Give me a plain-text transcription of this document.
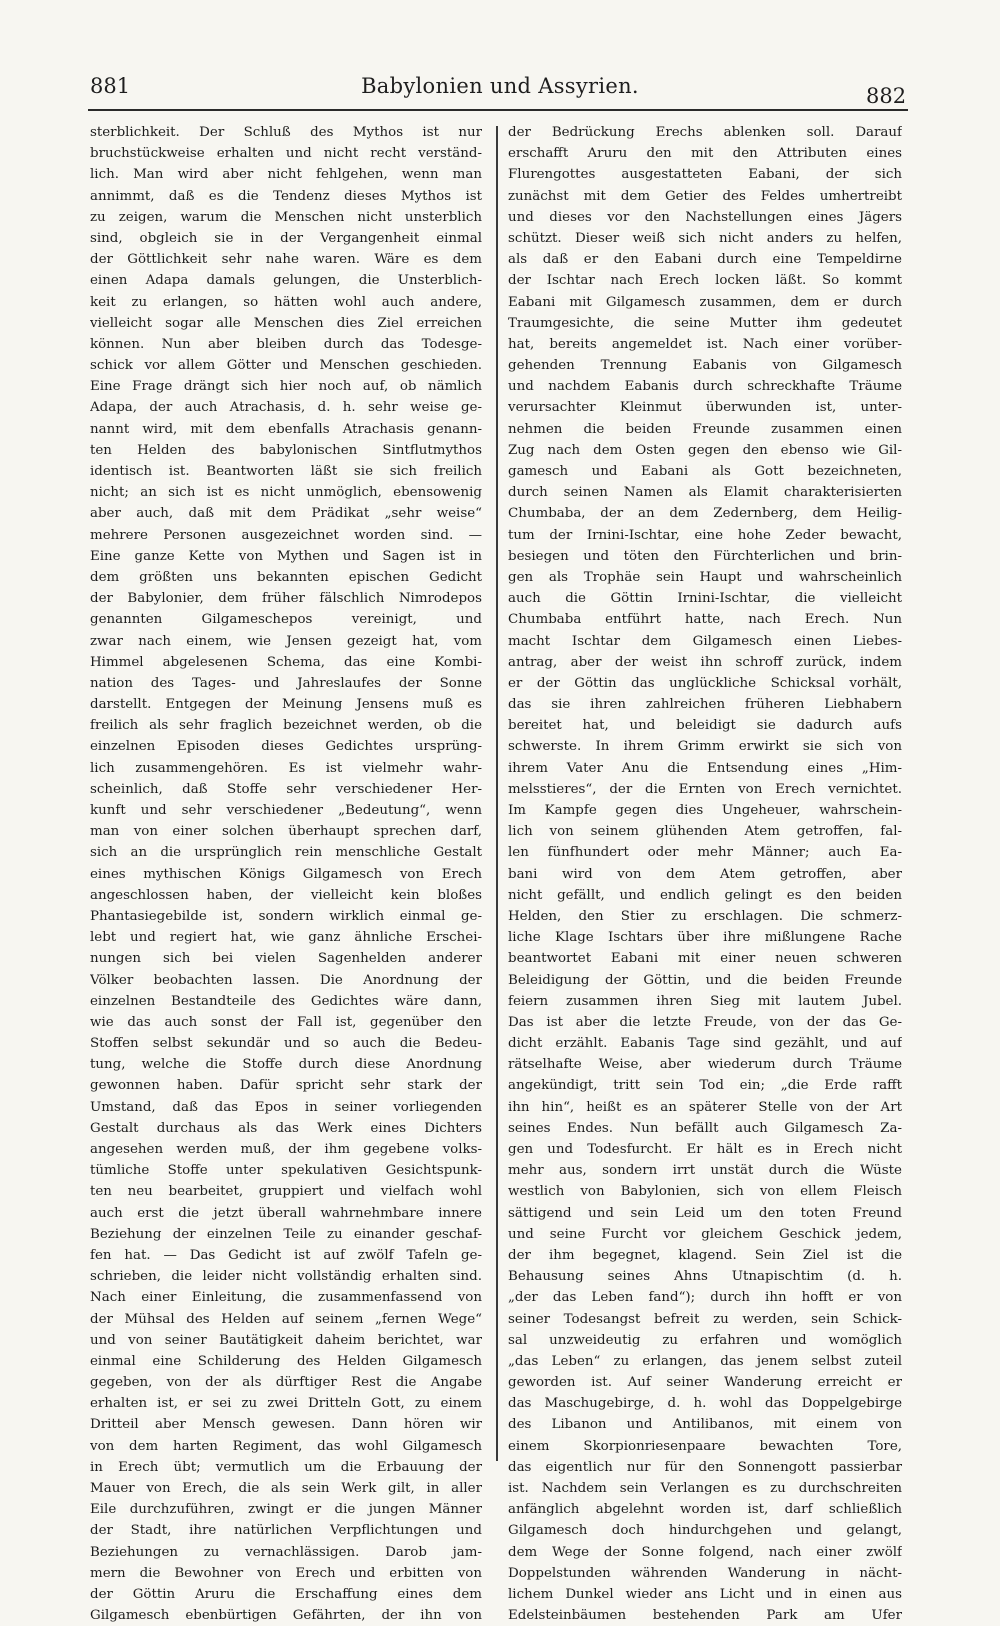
881	Babylonien und Assyrien.	882
sterblichkeit. Der Schluß des Mythos ist nur
bruchstückweise erhalten und nicht recht verständ-
lich. Man wird aber nicht fehlgehen, wenn man
annimmt, daß es die Tendenz dieses Mythos ist
zu zeigen, warum die Menschen nicht unsterblich
sind, obgleich sie in der Vergangenheit einmal
der Göttlichkeit sehr nahe waren. Wäre es dem
einen Adapa damals gelungen, die Unsterblich-
keit zu erlangen, so hätten wohl auch andere,
vielleicht sogar alle Menschen dies Ziel erreichen
können. Nun aber bleiben durch das Todesge-
schick vor allem Götter und Menschen geschieden.
Eine Frage drängt sich hier noch auf, ob nämlich
Adapa, der auch Atrachasis, d. h. sehr weise ge-
nannt wird, mit dem ebenfalls Atrachasis genann-
ten Helden des babylonischen Sintflutmythos
identisch ist. Beantworten läßt sie sich freilich
nicht; an sich ist es nicht unmöglich, ebensowenig
aber auch, daß mit dem Prädikat „sehr weise“
mehrere Personen ausgezeichnet worden sind. —
Eine ganze Kette von Mythen und Sagen ist in
dem größten uns bekannten epischen Gedicht
der Babylonier, dem früher fälschlich Nimrodepos
genannten Gilgameschepos vereinigt, und
zwar nach einem, wie Jensen gezeigt hat, vom
Himmel abgelesenen Schema, das eine Kombi-
nation des Tages- und Jahreslaufes der Sonne
darstellt. Entgegen der Meinung Jensens muß es
freilich als sehr fraglich bezeichnet werden, ob die
einzelnen Episoden dieses Gedichtes ursprüng-
lich zusammengehören. Es ist vielmehr wahr-
scheinlich, daß Stoffe sehr verschiedener Her-
kunft und sehr verschiedener „Bedeutung“, wenn
man von einer solchen überhaupt sprechen darf,
sich an die ursprünglich rein menschliche Gestalt
eines mythischen Königs Gilgamesch von Erech
angeschlossen haben, der vielleicht kein bloßes
Phantasiegebilde ist, sondern wirklich einmal ge-
lebt und regiert hat, wie ganz ähnliche Erschei-
nungen sich bei vielen Sagenhelden anderer
Völker beobachten lassen. Die Anordnung der
einzelnen Bestandteile des Gedichtes wäre dann,
wie das auch sonst der Fall ist, gegenüber den
Stoffen selbst sekundär und so auch die Bedeu-
tung, welche die Stoffe durch diese Anordnung
gewonnen haben. Dafür spricht sehr stark der
Umstand, daß das Epos in seiner vorliegenden
Gestalt durchaus als das Werk eines Dichters
angesehen werden muß, der ihm gegebene volks-
tümliche Stoffe unter spekulativen Gesichtspunk-
ten neu bearbeitet, gruppiert und vielfach wohl
auch erst die jetzt überall wahrnehmbare innere
Beziehung der einzelnen Teile zu einander geschaf-
fen hat. — Das Gedicht ist auf zwölf Tafeln ge-
schrieben, die leider nicht vollständig erhalten sind.
Nach einer Einleitung, die zusammenfassend von
der Mühsal des Helden auf seinem „fernen Wege“
und von seiner Bautätigkeit daheim berichtet, war
einmal eine Schilderung des Helden Gilgamesch
gegeben, von der als dürftiger Rest die Angabe
erhalten ist, er sei zu zwei Dritteln Gott, zu einem
Dritteil aber Mensch gewesen. Dann hören wir
von dem harten Regiment, das wohl Gilgamesch
in Erech übt; vermutlich um die Erbauung der
Mauer von Erech, die als sein Werk gilt, in aller
Eile durchzuführen, zwingt er die jungen Männer
der Stadt, ihre natürlichen Verpflichtungen und
Beziehungen zu vernachlässigen. Darob jam-
mern die Bewohner von Erech und erbitten von
der Göttin Aruru die Erschaffung eines dem
Gilgamesch ebenbürtigen Gefährten, der ihn von
der Bedrückung Erechs ablenken soll. Darauf
erschafft Aruru den mit den Attributen eines
Flurengottes ausgestatteten Eabani, der sich
zunächst mit dem Getier des Feldes umhertreibt
und dieses vor den Nachstellungen eines Jägers
schützt. Dieser weiß sich nicht anders zu helfen,
als daß er den Eabani durch eine Tempeldirne
der Ischtar nach Erech locken läßt. So kommt
Eabani mit Gilgamesch zusammen, dem er durch
Traumgesichte, die seine Mutter ihm gedeutet
hat, bereits angemeldet ist. Nach einer vorüber-
gehenden Trennung Eabanis von Gilgamesch
und nachdem Eabanis durch schreckhafte Träume
verursachter Kleinmut überwunden ist, unter-
nehmen die beiden Freunde zusammen einen
Zug nach dem Osten gegen den ebenso wie Gil-
gamesch und Eabani als Gott bezeichneten,
durch seinen Namen als Elamit charakterisierten
Chumbaba, der an dem Zedernberg, dem Heilig-
tum der Irnini-Ischtar, eine hohe Zeder bewacht,
besiegen und töten den Fürchterlichen und brin-
gen als Trophäe sein Haupt und wahrscheinlich
auch die Göttin Irnini-Ischtar, die vielleicht
Chumbaba entführt hatte, nach Erech. Nun
macht Ischtar dem Gilgamesch einen Liebes-
antrag, aber der weist ihn schroff zurück, indem
er der Göttin das unglückliche Schicksal vorhält,
das sie ihren zahlreichen früheren Liebhabern
bereitet hat, und beleidigt sie dadurch aufs
schwerste. In ihrem Grimm erwirkt sie sich von
ihrem Vater Anu die Entsendung eines „Him-
melsstieres“, der die Ernten von Erech vernichtet.
Im Kampfe gegen dies Ungeheuer, wahrschein-
lich von seinem glühenden Atem getroffen, fal-
len fünfhundert oder mehr Männer; auch Ea-
bani wird von dem Atem getroffen, aber
nicht gefällt, und endlich gelingt es den beiden
Helden, den Stier zu erschlagen. Die schmerz-
liche Klage Ischtars über ihre mißlungene Rache
beantwortet Eabani mit einer neuen schweren
Beleidigung der Göttin, und die beiden Freunde
feiern zusammen ihren Sieg mit lautem Jubel.
Das ist aber die letzte Freude, von der das Ge-
dicht erzählt. Eabanis Tage sind gezählt, und auf
rätselhafte Weise, aber wiederum durch Träume
angekündigt, tritt sein Tod ein; „die Erde rafft
ihn hin“, heißt es an späterer Stelle von der Art
seines Endes. Nun befällt auch Gilgamesch Za-
gen und Todesfurcht. Er hält es in Erech nicht
mehr aus, sondern irrt unstät durch die Wüste
westlich von Babylonien, sich von ellem Fleisch
sättigend und sein Leid um den toten Freund
und seine Furcht vor gleichem Geschick jedem,
der ihm begegnet, klagend. Sein Ziel ist die
Behausung seines Ahns Utnapischtim (d. h.
„der das Leben fand“); durch ihn hofft er von
seiner Todesangst befreit zu werden, sein Schick-
sal unzweideutig zu erfahren und womöglich
„das Leben“ zu erlangen, das jenem selbst zuteil
geworden ist. Auf seiner Wanderung erreicht er
das Maschugebirge, d. h. wohl das Doppelgebirge
des Libanon und Antilibanos, mit einem von
einem Skorpionriesenpaare bewachten Tore,
das eigentlich nur für den Sonnengott passierbar
ist. Nachdem sein Verlangen es zu durchschreiten
anfänglich abgelehnt worden ist, darf schließlich
Gilgamesch doch hindurchgehen und gelangt,
dem Wege der Sonne folgend, nach einer zwölf
Doppelstunden währenden Wanderung in nächt-
lichem Dunkel wieder ans Licht und in einen aus
Edelsteinbäumen bestehenden Park am Ufer
